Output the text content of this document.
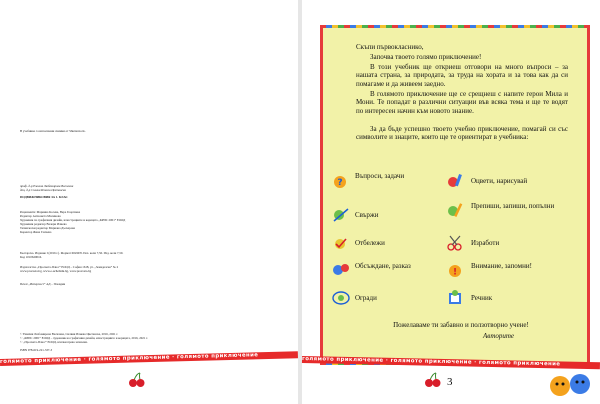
В учебника са използвани снимки от Shutterstock.
проф. д-р Емилия Любомирова Василева
доц. д-р Силвия Илиева Цветанска
ПОДВИЖНИКОВИЯ ЗА 1. КЛАС
Рецензенти: Марияна Косева, Вера Георгиева
Редактор Антоанета Малинова
Художник по графичния дизайн, илюстрациите и корицата „КРИС 2001” ЕООД
Художник редактор Валери Илиева
Технически редактор Мариана Дъскарова
Коректор Жана Ганчева
Българска. Издание I (2016 г.). Формат 60х90/8. Печ. коли 7,50. Изд. коли 7,50.
Код 1010620016.
Издателство „Просвета-Плюс” ЕООД – София 1618, ул. „Земеделска” № 2
www.prosveta.bg, www.e-uchebnik.bg, www.prosveta.bg
Печат „Интерпост” АД – Пловдив
© Емилия Любомирова Василева, Силвия Илиева Цветанска, 2016, 2021 г.
© „КРИС 2001” ЕООД – художник на графичния дизайн, илюстрациите и корицата, 2016, 2021 г.
© „Просвета-Плюс” ЕООД, всички права запазени.
ISBN 978-619-221-337-3
Скъпи първокласнико,
Започва твоето голямо приключение!
В този учебник ще откриеш отговори на много въпроси – за нашата страна, за природата, за труда на хората и за това как да си помагаме и да живеем заедно.
В голямото приключение ще се срещнеш с напите герои Мила и Мони. Те попадат в различни ситуации във всяка тема и ще те водят по интересен начин към новото знание.
За да бъде успешно твоето учебно приключение, помагай си със символите и знаците, които ще те ориентират в учебника:
?
Въпроси, задачи
Свържи
Отбележи
Обсъждане, разказ
Огради
Оцвети, нарисувай
Препиши, запиши, попълни
Изработи
!
Внимание, запомни!
Речник
Пожелаваме ти забавно и ползотворно учене!
Авторите
голямото приключение · голямото приключение · голямото приключение	голямото приключение · голямото приключение · голямото приключение
3
